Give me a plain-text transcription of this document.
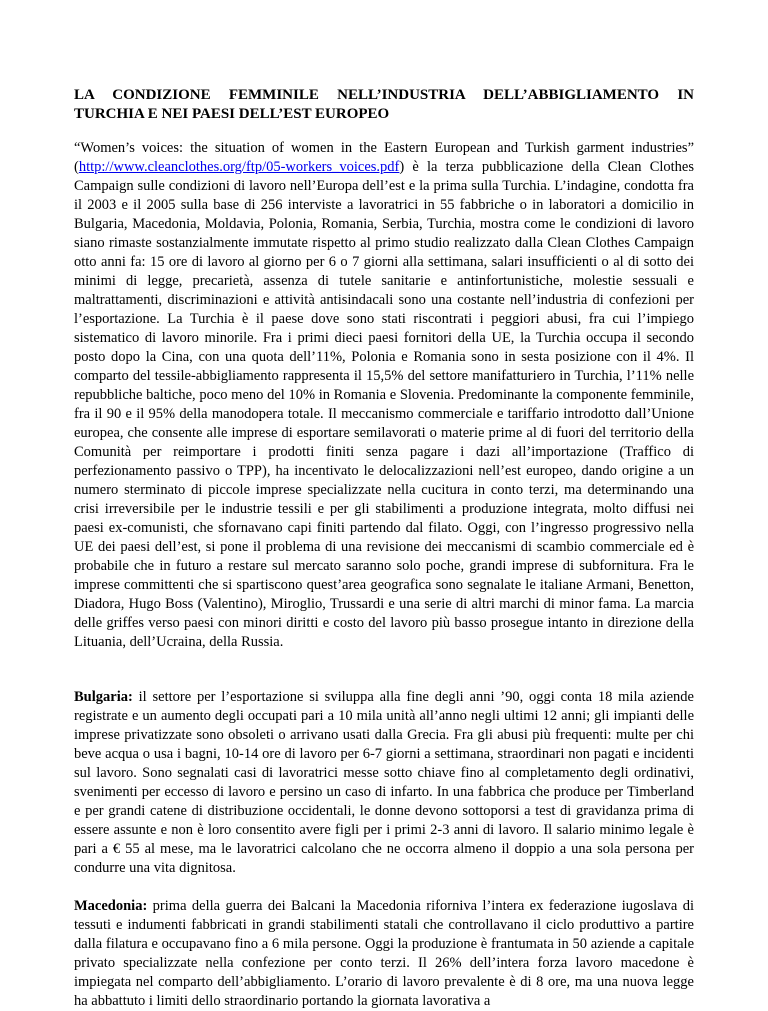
LA CONDIZIONE FEMMINILE NELL’INDUSTRIA DELL’ABBIGLIAMENTO IN TURCHIA E NEI PAESI DELL’EST EUROPEO

“Women’s voices: the situation of women in the Eastern European and Turkish garment industries” (http://www.cleanclothes.org/ftp/05-workers_voices.pdf) è la terza pubblicazione della Clean Clothes Campaign sulle condizioni di lavoro nell’Europa dell’est e la prima sulla Turchia. L’indagine, condotta fra il 2003 e il 2005 sulla base di 256 interviste a lavoratrici in 55 fabbriche o in laboratori a domicilio in Bulgaria, Macedonia, Moldavia, Polonia, Romania, Serbia, Turchia, mostra come le condizioni di lavoro siano rimaste sostanzialmente immutate rispetto al primo studio realizzato dalla Clean Clothes Campaign otto anni fa: 15 ore di lavoro al giorno per 6 o 7 giorni alla settimana, salari insufficienti o al di sotto dei minimi di legge, precarietà, assenza di tutele sanitarie e antinfortunistiche, molestie sessuali e maltrattamenti, discriminazioni e attività antisindacali sono una costante nell’industria di confezioni per l’esportazione. La Turchia è il paese dove sono stati riscontrati i peggiori abusi, fra cui l’impiego sistematico di lavoro minorile. Fra i primi dieci paesi fornitori della UE, la Turchia occupa il secondo posto dopo la Cina, con una quota dell’11%, Polonia e Romania sono in sesta posizione con il 4%. Il comparto del tessile-abbigliamento rappresenta il 15,5% del settore manifatturiero in Turchia, l’11% nelle repubbliche baltiche, poco meno del 10% in Romania e Slovenia. Predominante la componente femminile, fra il 90 e il 95% della manodopera totale. Il meccanismo commerciale e tariffario introdotto dall’Unione europea, che consente alle imprese di esportare semilavorati o materie prime al di fuori del territorio della Comunità per reimportare i prodotti finiti senza pagare i dazi all’importazione (Traffico di perfezionamento passivo o TPP), ha incentivato le delocalizzazioni nell’est europeo, dando origine a un numero sterminato di piccole imprese specializzate nella cucitura in conto terzi, ma determinando una crisi irreversibile per le industrie tessili e per gli stabilimenti a produzione integrata, molto diffusi nei paesi ex-comunisti, che sfornavano capi finiti partendo dal filato. Oggi, con l’ingresso progressivo nella UE dei paesi dell’est, si pone il problema di una revisione dei meccanismi di scambio commerciale ed è probabile che in futuro a restare sul mercato saranno solo poche, grandi imprese di subfornitura. Fra le imprese committenti che si spartiscono quest’area geografica sono segnalate le italiane Armani, Benetton, Diadora, Hugo Boss (Valentino), Miroglio, Trussardi e una serie di altri marchi di minor fama. La marcia delle griffes verso paesi con minori diritti e costo del lavoro più basso prosegue intanto in direzione della Lituania, dell’Ucraina, della Russia.

Bulgaria: il settore per l’esportazione si sviluppa alla fine degli anni ’90, oggi conta 18 mila aziende registrate e un aumento degli occupati pari a 10 mila unità all’anno negli ultimi 12 anni; gli impianti delle imprese privatizzate sono obsoleti o arrivano usati dalla Grecia. Fra gli abusi più frequenti: multe per chi beve acqua o usa i bagni, 10-14 ore di lavoro per 6-7 giorni a settimana, straordinari non pagati e incidenti sul lavoro. Sono segnalati casi di lavoratrici messe sotto chiave fino al completamento degli ordinativi, svenimenti per eccesso di lavoro e persino un caso di infarto. In una fabbrica che produce per Timberland e per grandi catene di distribuzione occidentali, le donne devono sottoporsi a test di gravidanza prima di essere assunte e non è loro consentito avere figli per i primi 2-3 anni di lavoro. Il salario minimo legale è pari a € 55 al mese, ma le lavoratrici calcolano che ne occorra almeno il doppio a una sola persona per condurre una vita dignitosa.

Macedonia: prima della guerra dei Balcani la Macedonia riforniva l’intera ex federazione iugoslava di tessuti e indumenti fabbricati in grandi stabilimenti statali che controllavano il ciclo produttivo a partire dalla filatura e occupavano fino a 6 mila persone. Oggi la produzione è frantumata in 50 aziende a capitale privato specializzate nella confezione per conto terzi. Il 26% dell’intera forza lavoro macedone è impiegata nel comparto dell’abbigliamento. L’orario di lavoro prevalente è di 8 ore, ma una nuova legge ha abbattuto i limiti dello straordinario portando la giornata lavorativa a
